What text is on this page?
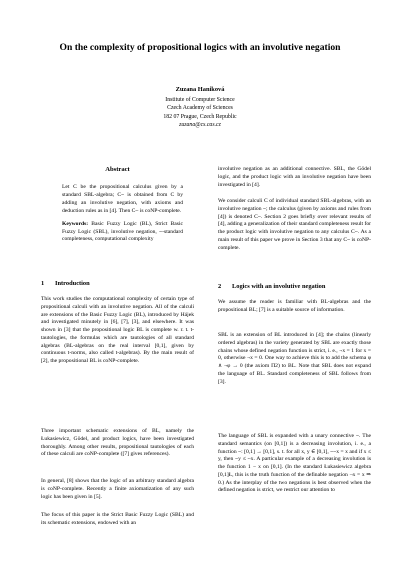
On the complexity of propositional logics with an involutive negation
Zuzana Haniková
Institute of Computer Science
Czech Academy of Sciences
182 07 Prague, Czech Republic
zuzana@cs.cas.cz
Abstract

Let C be the propositional calculus given by a standard SBL-algebra; C~ is obtained from C by adding an involutive negation, with axioms and deduction rules as in [4]. Then C~ is coNP-complete.

Keywords: Basic Fuzzy Logic (BL), Strict Basic Fuzzy Logic (SBL), involutive negation, ~-standard completeness, computational complexity

1 Introduction

This work studies the computational complexity of certain type of propositional calculi with an involutive negation. All of the calculi are extensions of the Basic Fuzzy Logic (BL), introduced by Hájek and investigated minutely in [6], [7], [3], and elsewhere. It was shown in [3] that the propositional logic BL is complete w. r. t. t-tautologies, the formulas which are tautologies of all standard algebras (BL-algebras on the real interval [0,1], given by continuous t-norms, also called t-algebras). By the main result of [2], the propositional BL is coNP-complete.

Three important schematic extensions of BL, namely the Łukasiewicz, Gödel, and product logics, have been investigated thoroughly. Among other results, propositional tautologies of each of these calculi are coNP-complete ([7] gives references).

In general, [8] shows that the logic of an arbitrary standard algebra is coNP-complete. Recently a finite axiomatization of any such logic has been given in [5].

The focus of this paper is the Strict Basic Fuzzy Logic (SBL) and its schematic extensions, endowed with an

involutive negation as an additional connective. SBL, the Gödel logic, and the product logic with an involutive negation have been investigated in [4].

We consider calculi C of individual standard SBL-algebras, with an involutive negation ~; the calculus (given by axioms and rules from [4]) is denoted C~. Section 2 goes briefly over relevant results of [4], adding a generalization of their standard completeness result for the product logic with involutive negation to any calculus C~. As a main result of this paper we prove in Section 3 that any C~ is coNP-complete.

2 Logics with an involutive negation

We assume the reader is familiar with BL-algebras and the propositional BL; [7] is a suitable source of information.

SBL is an extension of BL introduced in [4]; the chains (linearly ordered algebras) in the variety generated by SBL are exactly those chains whose defined negation function is strict, i. e., ¬x = 1 for x = 0, otherwise ¬x = 0. One way to achieve this is to add the schema φ ∧ ¬φ → 0 (the axiom Π2) to BL. Note that SBL does not expand the language of BL. Standard completeness of SBL follows from [3].

The language of SBL is expanded with a unary connective ~. The standard semantics (on [0,1]) is a decreasing involution, i. e., a function ~: [0,1] → [0,1], s. t. for all x, y ∈ [0,1], ~~x = x and if x ≤ y, then ~y ≤ ~x. A particular example of a decreasing involution is the function 1 − x on [0,1]. (In the standard Łukasiewicz algebra [0,1]Ł, this is the truth function of the definable negation ¬x = x ⇒ 0.) As the interplay of the two negations is best observed when the defined negation is strict, we restrict our attention to
